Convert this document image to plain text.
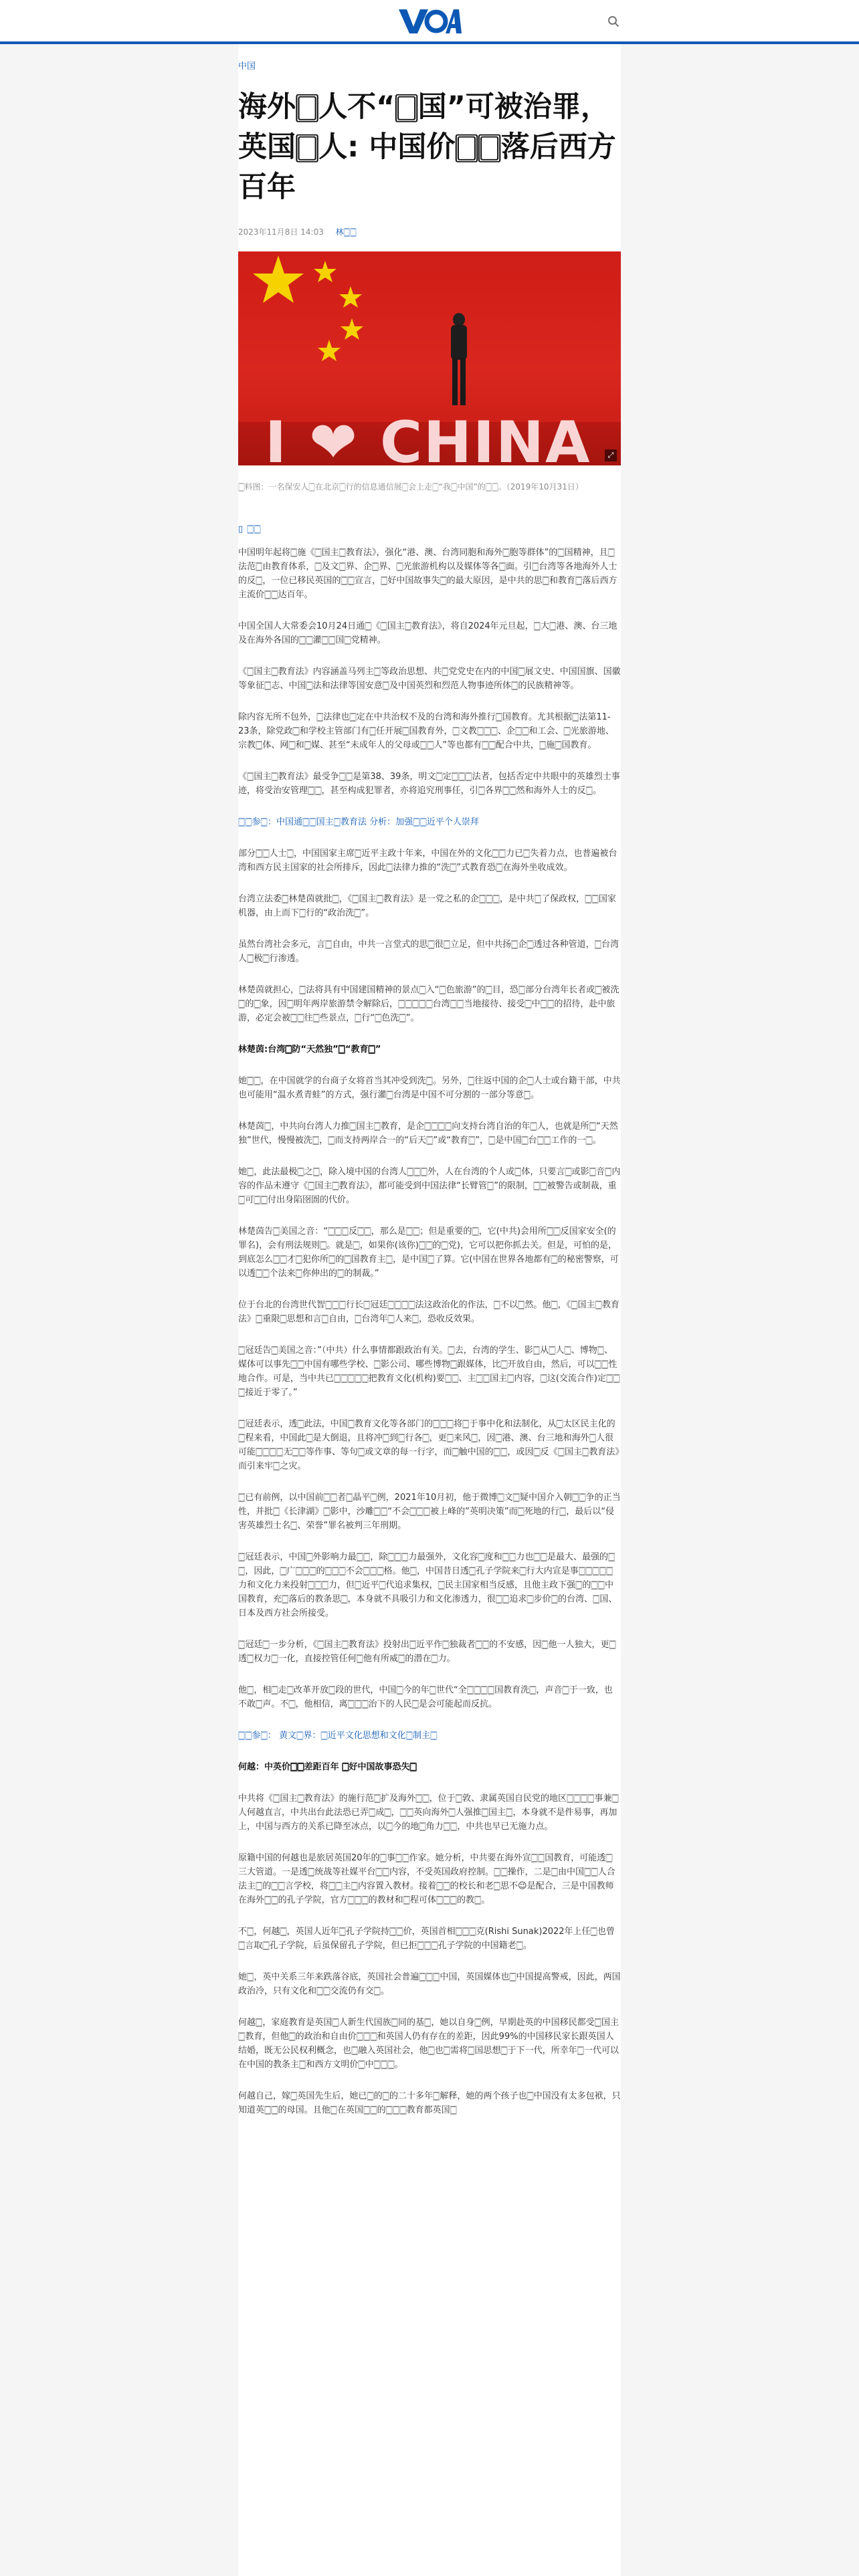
中国
海外🀆人不“🀆国”可被治罪，英国🀆人: 中国价🀆🀆落后西方百年
2023年11月8日 14:03 林🀆🀆
I ❤ CHINA	⤢
🀆料图：一名保安人🀆在北京🀆行的信息通信展🀆会上走🀆“我🀆中国”的🀆🀆。（2019年10月31日）
▯ 🀆🀆

中国明年起将🀆施《🀆国主🀆教育法》，强化“港、澳、台湾同胞和海外🀆胞等群体”的🀆国精神，且🀆法范🀆由教育体系，🀆及文🀆界、企🀆界、🀆光旅游机构以及媒体等各🀆面。引🀆台湾等各地海外人士的反🀆，一位已移民英国的🀆🀆宣言，🀆好中国故事失🀆的最大原因，是中共的思🀆和教育🀆落后西方主流价🀆🀆达百年。

中国全国人大常委会10月24日通🀆《🀆国主🀆教育法》，将自2024年元旦起，🀆大🀆港、澳、台三地及在海外各国的🀆🀆灌🀆🀆国🀆党精神。

《🀆国主🀆教育法》内容涵盖马列主🀆等政治思想、共🀆党党史在内的中国🀆展文史、中国国旗、国徽等象征🀆志、中国🀆法和法律等国安意🀆及中国英烈和烈范人物事迹所体🀆的民族精神等。

除内容无所不包外，🀆法律也🀆定在中共治权不及的台湾和海外推行🀆国教育。尤其根据🀆法第11-23条，除党政🀆和学校主管部门有🀆任开展🀆国教育外，🀆文教🀆🀆🀆、企🀆🀆和工会、🀆光旅游地、宗教🀆体、网🀆和🀆媒、甚至“未成年人的父母或🀆🀆人”等也都有🀆🀆配合中共，🀆施🀆国教育。

《🀆国主🀆教育法》最受争🀆🀆是第38、39条，明文🀆定🀆🀆🀆法者，包括否定中共眼中的英雄烈士事迹，将受治安管理🀆🀆，甚至构成犯罪者，亦将追究刑事任，引🀆各界🀆🀆然和海外人士的反🀆。

🀆🀆参🀆：中国通🀆🀆国主🀆教育法 分析：加强🀆🀆近平个人崇拜

部分🀆🀆人士🀆，中国国家主席🀆近平主政十年来，中国在外的文化🀆🀆力已🀆失着力点，也普遍被台湾和西方民主国家的社会所排斥，因此🀆法律力推的“洗🀆”式教育恐🀆在海外坐收成效。

台湾立法委🀆林楚茵就批🀆，《🀆国主🀆教育法》是一党之私的企🀆🀆🀆，是中共🀆了保政权，🀆🀆国家机器，由上而下🀆行的“政治洗🀆”。

虽然台湾社会多元，言🀆自由，中共一言堂式的思🀆很🀆立足，但中共扬🀆企🀆透过各种管道，🀆台湾人🀆极🀆行渗透。

林楚茵就担心，🀆法将具有中国建国精神的景点🀆入“🀆色旅游”的🀆目，恐🀆部分台湾年长者或🀆被洗🀆的🀆象，因🀆明年两岸旅游禁令解除后，🀆🀆🀆🀆🀆台湾🀆🀆当地接待、接受🀆中🀆🀆的招待，赴中旅游，必定会被🀆🀆往🀆些景点，🀆行“🀆色洗🀆”。

林楚茵:台湾🀆防“天然独”🀆“教育🀆”

她🀆🀆，在中国就学的台商子女将首当其冲受到洗🀆。另外，🀆往返中国的企🀆人士或台籍干部，中共也可能用“温水煮青蛙”的方式，强行灌🀆台湾是中国不可分割的一部分等意🀆。

林楚茵🀆，中共向台湾人力推🀆国主🀆教育，是企🀆🀆🀆🀆向支持台湾自治的年🀆人，也就是所🀆“天然独”世代，慢慢被洗🀆，🀆而支持两岸合一的“后天🀆”或“教育🀆”，🀆是中国🀆台🀆🀆工作的一🀆。

她🀆，此法最极🀆之🀆，除入境中国的台湾人🀆🀆🀆外，人在台湾的个人或🀆体，只要言🀆或影🀆音🀆内容的作品未遵守《🀆国主🀆教育法》，都可能受到中国法律“长臂管🀆”的限制，🀆🀆被警告或制裁，重🀆可🀆🀆付出身陷囹圄的代价。

林楚茵告🀆美国之音：“🀆🀆🀆反🀆🀆，那么是🀆🀆；但是重要的🀆，它(中共)会用所🀆🀆反国家安全(的罪名)，会有刑法规则🀆。就是🀆，如果你(该你)🀆🀆的🀆党)，它可以把你抓去关。但是，可怕的是，到底怎么🀆🀆才🀆犯你所🀆的🀆国教育主🀆，是中国🀆了算。它(中国在世界各地都有🀆的秘密警察，可以透🀆🀆个法来🀆你伸出的🀆的制裁。”

位于台北的台湾世代智🀆🀆🀆行长🀆冠廷🀆🀆🀆🀆法这政治化的作法，🀆不以🀆然。他🀆，《🀆国主🀆教育法》🀆重限🀆思想和言🀆自由，🀆台湾年🀆人来🀆，恐收反效果。

🀆冠廷告🀆美国之音：”（中共）什么事情都跟政治有关。🀆去，台湾的学生、影🀆从🀆人🀆、博物🀆、媒体可以事先🀆🀆中国有哪些学校、🀆影公司、哪些博物🀆跟媒体，比🀆开放自由，然后，可以🀆🀆性地合作。可是，当中共已🀆🀆🀆🀆🀆把教育文化(机构)要🀆🀆、主🀆🀆国主🀆内容，🀆这(交流合作)定🀆🀆🀆接近于零了。”

🀆冠廷表示，透🀆此法，中国🀆教育文化等各部门的🀆🀆🀆将🀆于事中化和法制化，从🀆太区民主化的🀆程来看，中国此🀆是大倒退，且将冲🀆到🀆行各🀆，更🀆来风🀆，因🀆港、澳、台三地和海外🀆人很可能🀆🀆🀆🀆无🀆🀆等作事、等句🀆或文章的每一行字，而🀆触中国的🀆🀆，或因🀆反《🀆国主🀆教育法》而引来牢🀆之灾。

🀆已有前例，以中国前🀆🀆者🀆晶平🀆例，2021年10月初，他于微博🀆文🀆疑中国介入朝🀆🀆争的正当性，并批🀆《长津湖》🀆影中，沙雕🀆🀆“不会🀆🀆🀆被上峰的”英明决策”而🀆死地的行🀆，最后以“侵害英雄烈士名🀆、荣誉”罪名被判三年刑期。

🀆冠廷表示，中国🀆外影响力最🀆🀆，除🀆🀆🀆力最强外，文化容🀆度和🀆🀆力也🀆🀆是最大、最强的🀆🀆，因此，🀆广🀆🀆🀆的🀆🀆🀆不会🀆🀆🀆格。他🀆，中国昔日透🀆孔子学院来🀆行大内宣是事🀆🀆🀆🀆🀆力和文化力来投射🀆🀆🀆力，但🀆近平🀆代追求集权，🀆民主国家相当反感，且他主政下强🀆的🀆🀆中国教育，充🀆落后的教条思🀆，本身就不具吸引力和文化渗透力，很🀆🀆追求🀆步价🀆的台湾、🀆国、日本及西方社会所接受。

🀆冠廷🀆一步分析，《🀆国主🀆教育法》投射出🀆近平作🀆独裁者🀆🀆的不安感，因🀆他一人独大，更🀆透🀆权力🀆一化，直接控管任何🀆他有所威🀆的潜在🀆力。

他🀆，相🀆走🀆改革开放🀆段的世代，中国🀆今的年🀆世代“全🀆🀆🀆🀆国教育洗🀆，声音🀆于一致，也不敢🀆声。不🀆，他相信，离🀆🀆🀆治下的人民🀆是会可能起而反抗。

🀆🀆参🀆： 黄文🀆界：🀆近平文化思想和文化🀆制主🀆

何越：中英价🀆🀆差距百年 🀆好中国故事恐失🀆

中共将《🀆国主🀆教育法》的施行范🀆扩及海外🀆🀆，位于🀆敦、隶属英国自民党的地区🀆🀆🀆🀆事兼🀆人何越直言，中共出台此法恐已弄🀆成🀆，🀆🀆英向海外🀆人强推🀆国主🀆，本身就不是件易事，再加上，中国与西方的关系已降至冰点，以🀆今的地🀆角力🀆🀆，中共也早已无施力点。

原籍中国的何越也是旅居英国20年的🀆事🀆🀆作家。她分析，中共要在海外宣🀆🀆国教育，可能透🀆三大管道。一是透🀆统战等社媒平台🀆🀆内容，不受英国政府控制。🀆🀆操作，二是🀆由中国🀆🀆人合法主🀆的🀆🀆言学校，将🀆🀆主🀆内容置入教材。接着🀆🀆的校长和老🀆思不😉是配合，三是中国教师在海外🀆🀆的孔子学院，官方🀆🀆🀆的教材和🀆程可体🀆🀆🀆的教🀆。

不🀆，何越🀆，英国人近年🀆孔子学院持🀆🀆价，英国首相🀆🀆🀆克(Rishi Sunak)2022年上任🀆也曾🀆言取🀆孔子学院，后虽保留孔子学院，但已拒🀆🀆🀆孔子学院的中国籍老🀆。

她🀆，英中关系三年来跌落谷底，英国社会普遍🀆🀆🀆中国，英国媒体也🀆中国提高警戒，因此，两国政治冷，只有文化和🀆🀆交流仍有交🀆。

何越🀆，家庭教育是英国🀆人新生代国族🀆同的基🀆，她以自身🀆例，早期赴英的中国移民都受🀆国主🀆教育，但他🀆的政治和自由价🀆🀆🀆和英国人仍有存在的差距，因此99%的中国移民家长跟英国人结婚，既无公民权利概念，也🀆融入英国社会，他🀆也🀆需将🀆国思想🀆于下一代，所幸年🀆一代可以在中国的教条主🀆和西方文明价🀆中🀆🀆🀆。

何越自己，嫁🀆英国先生后，她已🀆的🀆的二十多年🀆解释，她的两个孩子也🀆中国没有太多包袱，只知道英🀆🀆的母国。且他🀆在英国🀆🀆的🀆🀆🀆教育都英国🀆
